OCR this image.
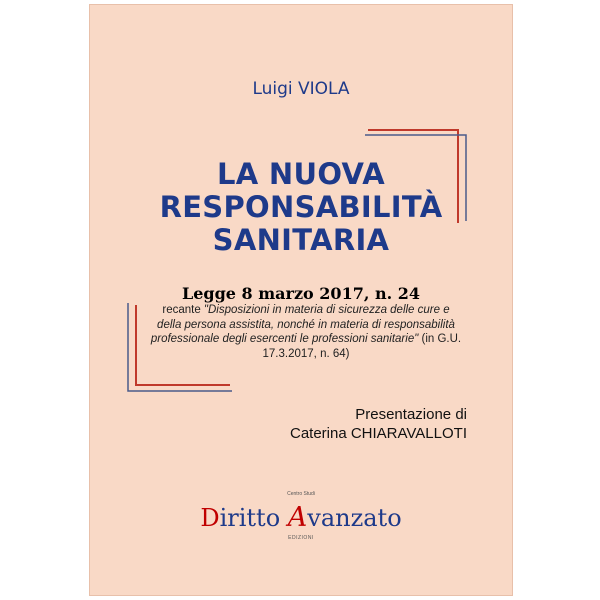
Luigi VIOLA
LA NUOVA
RESPONSABILITÀ
SANITARIA
Legge 8 marzo 2017, n. 24
recante "Disposizioni in materia di sicurezza delle cure e della persona assistita, nonché in materia di responsabilità professionale degli esercenti le professioni sanitarie" (in G.U. 17.3.2017, n. 64)
Presentazione di
Caterina CHIARAVALLOTI
Centro Studi
Diritto Avanzato
EDIZIONI
